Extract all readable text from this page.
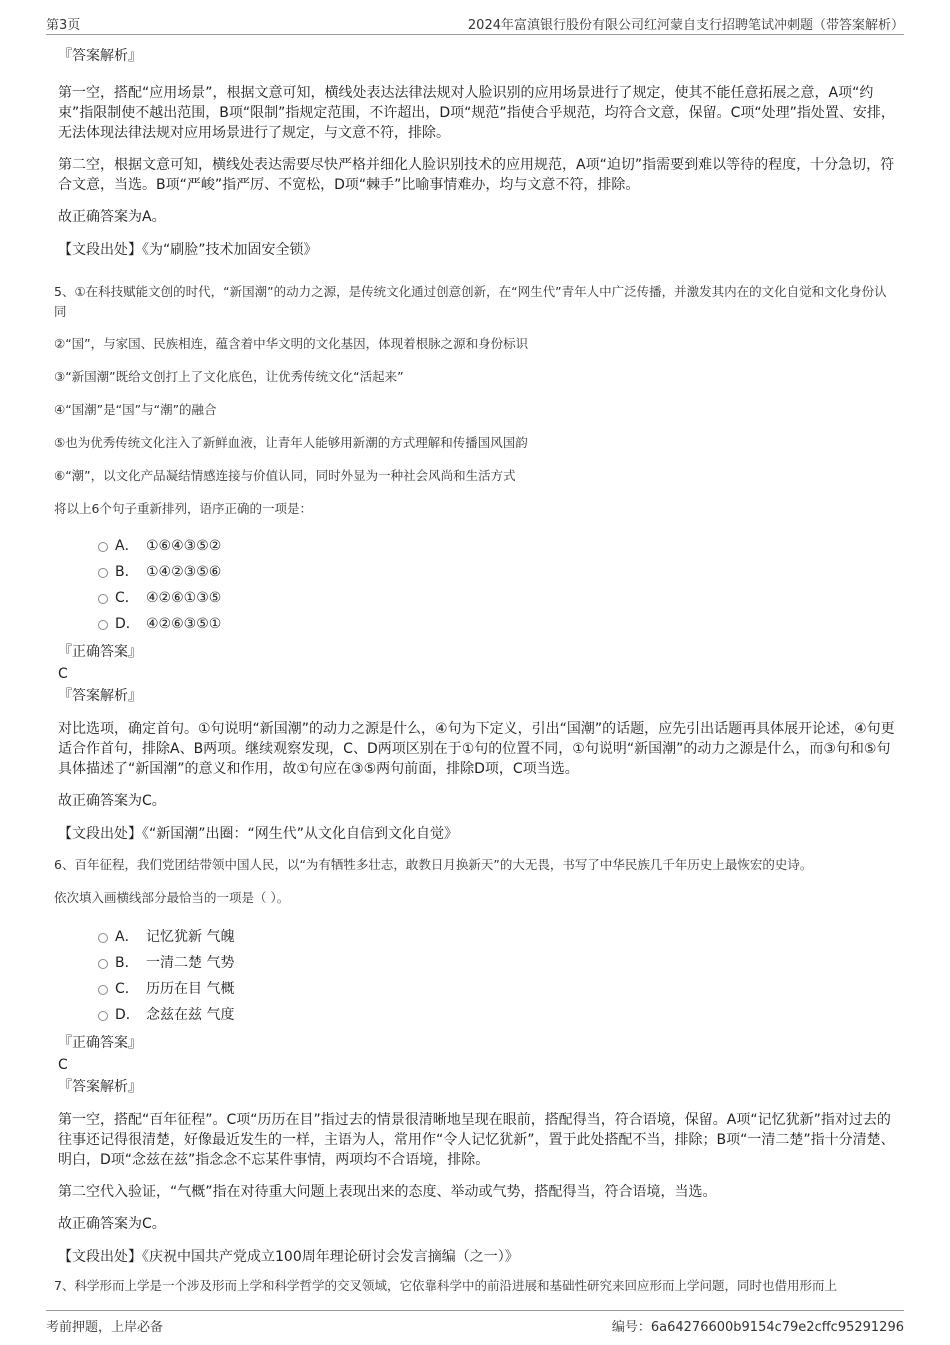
第3页	2024年富滇银行股份有限公司红河蒙自支行招聘笔试冲刺题（带答案解析）

『答案解析』

第一空，搭配“应用场景”，根据文意可知，横线处表达法律法规对人脸识别的应用场景进行了规定，使其不能任意拓展之意，A项“约束”指限制使不越出范围，B项“限制”指规定范围，不许超出，D项“规范”指使合乎规范，均符合文意，保留。C项“处理”指处置、安排，无法体现法律法规对应用场景进行了规定，与文意不符，排除。

第二空，根据文意可知，横线处表达需要尽快严格并细化人脸识别技术的应用规范，A项“迫切”指需要到难以等待的程度，十分急切，符合文意，当选。B项“严峻”指严厉、不宽松，D项“棘手”比喻事情难办，均与文意不符，排除。

故正确答案为A。

【文段出处】《为“刷脸”技术加固安全锁》

5、①在科技赋能文创的时代，“新国潮”的动力之源，是传统文化通过创意创新，在“网生代”青年人中广泛传播，并激发其内在的文化自觉和文化身份认同

②“国”，与家国、民族相连，蕴含着中华文明的文化基因，体现着根脉之源和身份标识

③“新国潮”既给文创打上了文化底色，让优秀传统文化“活起来”

④“国潮”是“国”与“潮”的融合

⑤也为优秀传统文化注入了新鲜血液，让青年人能够用新潮的方式理解和传播国风国韵

⑥“潮”，以文化产品凝结情感连接与价值认同，同时外显为一种社会风尚和生活方式

将以上6个句子重新排列，语序正确的一项是：

A． ①⑥④③⑤②
B． ①④②③⑤⑥
C． ④②⑥①③⑤
D． ④②⑥③⑤①

『正确答案』

C

『答案解析』

对比选项，确定首句。①句说明“新国潮”的动力之源是什么，④句为下定义，引出“国潮”的话题，应先引出话题再具体展开论述，④句更适合作首句，排除A、B两项。继续观察发现，C、D两项区别在于①句的位置不同，①句说明“新国潮”的动力之源是什么，而③句和⑤句具体描述了“新国潮”的意义和作用，故①句应在③⑤两句前面，排除D项，C项当选。

故正确答案为C。

【文段出处】《“新国潮”出圈：“网生代”从文化自信到文化自觉》

6、百年征程，我们党团结带领中国人民，以“为有牺牲多壮志，敢教日月换新天”的大无畏，书写了中华民族几千年历史上最恢宏的史诗。

依次填入画横线部分最恰当的一项是（ ）。

A． 记忆犹新 气魄
B． 一清二楚 气势
C． 历历在目 气概
D． 念兹在兹 气度

『正确答案』

C

『答案解析』

第一空，搭配“百年征程”。C项“历历在目”指过去的情景很清晰地呈现在眼前，搭配得当，符合语境，保留。A项“记忆犹新”指对过去的往事还记得很清楚，好像最近发生的一样，主语为人，常用作“令人记忆犹新”，置于此处搭配不当，排除；B项“一清二楚”指十分清楚、明白，D项“念兹在兹”指念念不忘某件事情，两项均不合语境，排除。

第二空代入验证，“气概”指在对待重大问题上表现出来的态度、举动或气势，搭配得当，符合语境，当选。

故正确答案为C。

【文段出处】《庆祝中国共产党成立100周年理论研讨会发言摘编（之一）》

7、科学形而上学是一个涉及形而上学和科学哲学的交叉领域，它依靠科学中的前沿进展和基础性研究来回应形而上学问题，同时也借用形而上

考前押题，上岸必备	编号：6a64276600b9154c79e2cffc95291296
